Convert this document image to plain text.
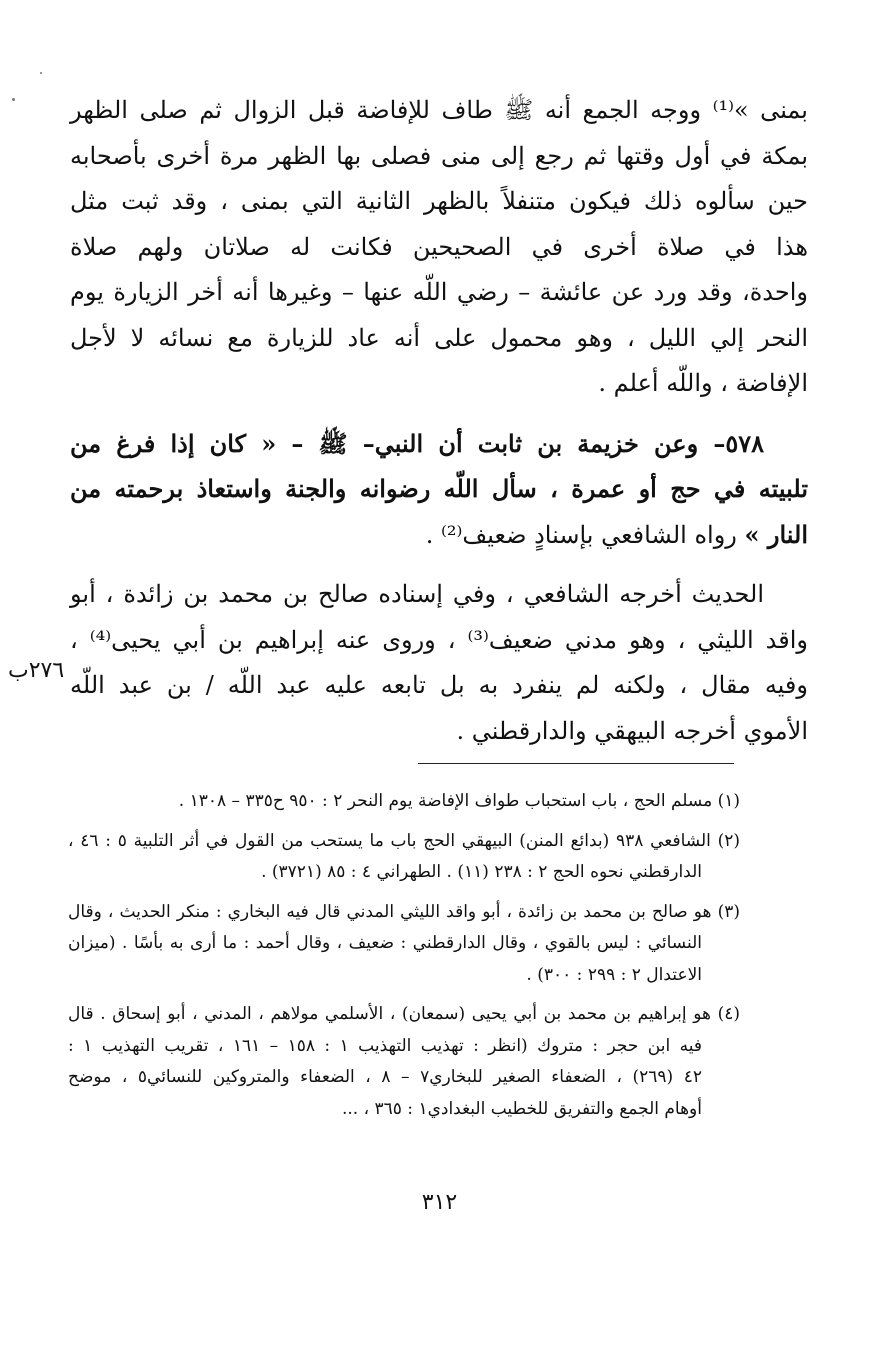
بمنى »⁽¹⁾ ووجه الجمع أنه ﷺ طاف للإفاضة قبل الزوال ثم صلى الظهر
بمكة في أول وقتها ثم رجع إلى منى فصلى بها الظهر مرة أخرى بأصحابه
حين سألوه ذلك فيكون متنفلاً بالظهر الثانية التي بمنى ، وقد ثبت مثل
هذا في صلاة أخرى في الصحيحين فكانت له صلاتان ولهم صلاة
واحدة، وقد ورد عن عائشة – رضي اللّه عنها – وغيرها أنه أخر الزيارة يوم
النحر إلي الليل ، وهو محمول على أنه عاد للزيارة مع نسائه لا لأجل
الإفاضة ، واللّه أعلم .

٥٧٨– وعن خزيمة بن ثابت أن النبي– ﷺ – « كان إذا فرغ من
تلبيته في حج أو عمرة ، سأل اللّه رضوانه والجنة واستعاذ برحمته من
النار » رواه الشافعي بإسنادٍ ضعيف⁽²⁾ .

الحديث أخرجه الشافعي ، وفي إسناده صالح بن محمد بن زائدة ، أبو
واقد الليثي ، وهو مدني ضعيف⁽³⁾ ، وروى عنه إبراهيم بن أبي يحيى⁽⁴⁾ ،
وفيه مقال ، ولكنه لم ينفرد به بل تابعه عليه عبد اللّه / بن عبد اللّه
الأموي أخرجه البيهقي والدارقطني .

٢٧٦ب

(١) مسلم الحج ، باب استحباب طواف الإفاضة يوم النحر ٢ : ٩٥٠ ح٣٣٥ – ١٣٠٨ .

(٢) الشافعي ٩٣٨ (بدائع المنن) البيهقي الحج باب ما يستحب من القول في أثر التلبية ٥ : ٤٦ ،
الدارقطني نحوه الحج ٢ : ٢٣٨ (١١) . الطهراني ٤ : ٨٥ (٣٧٢١) .

(٣) هو صالح بن محمد بن زائدة ، أبو واقد الليثي المدني قال فيه البخاري : منكر الحديث ، وقال
النسائي : ليس بالقوي ، وقال الدارقطني : ضعيف ، وقال أحمد : ما أرى به بأسًا . (ميزان
الاعتدال ٢ : ٢٩٩ : ٣٠٠) .

(٤) هو إبراهيم بن محمد بن أبي يحيى (سمعان) ، الأسلمي مولاهم ، المدني ، أبو إسحاق . قال
فيه ابن حجر : متروك (انظر : تهذيب التهذيب ١ : ١٥٨ – ١٦١ ، تقريب التهذيب ١ :
٤٢ (٢٦٩) ، الضعفاء الصغير للبخاري٧ – ٨ ، الضعفاء والمتروكين للنسائي٥ ، موضح
أوهام الجمع والتفريق للخطيب البغدادي١ : ٣٦٥ ، ...

٣١٢
